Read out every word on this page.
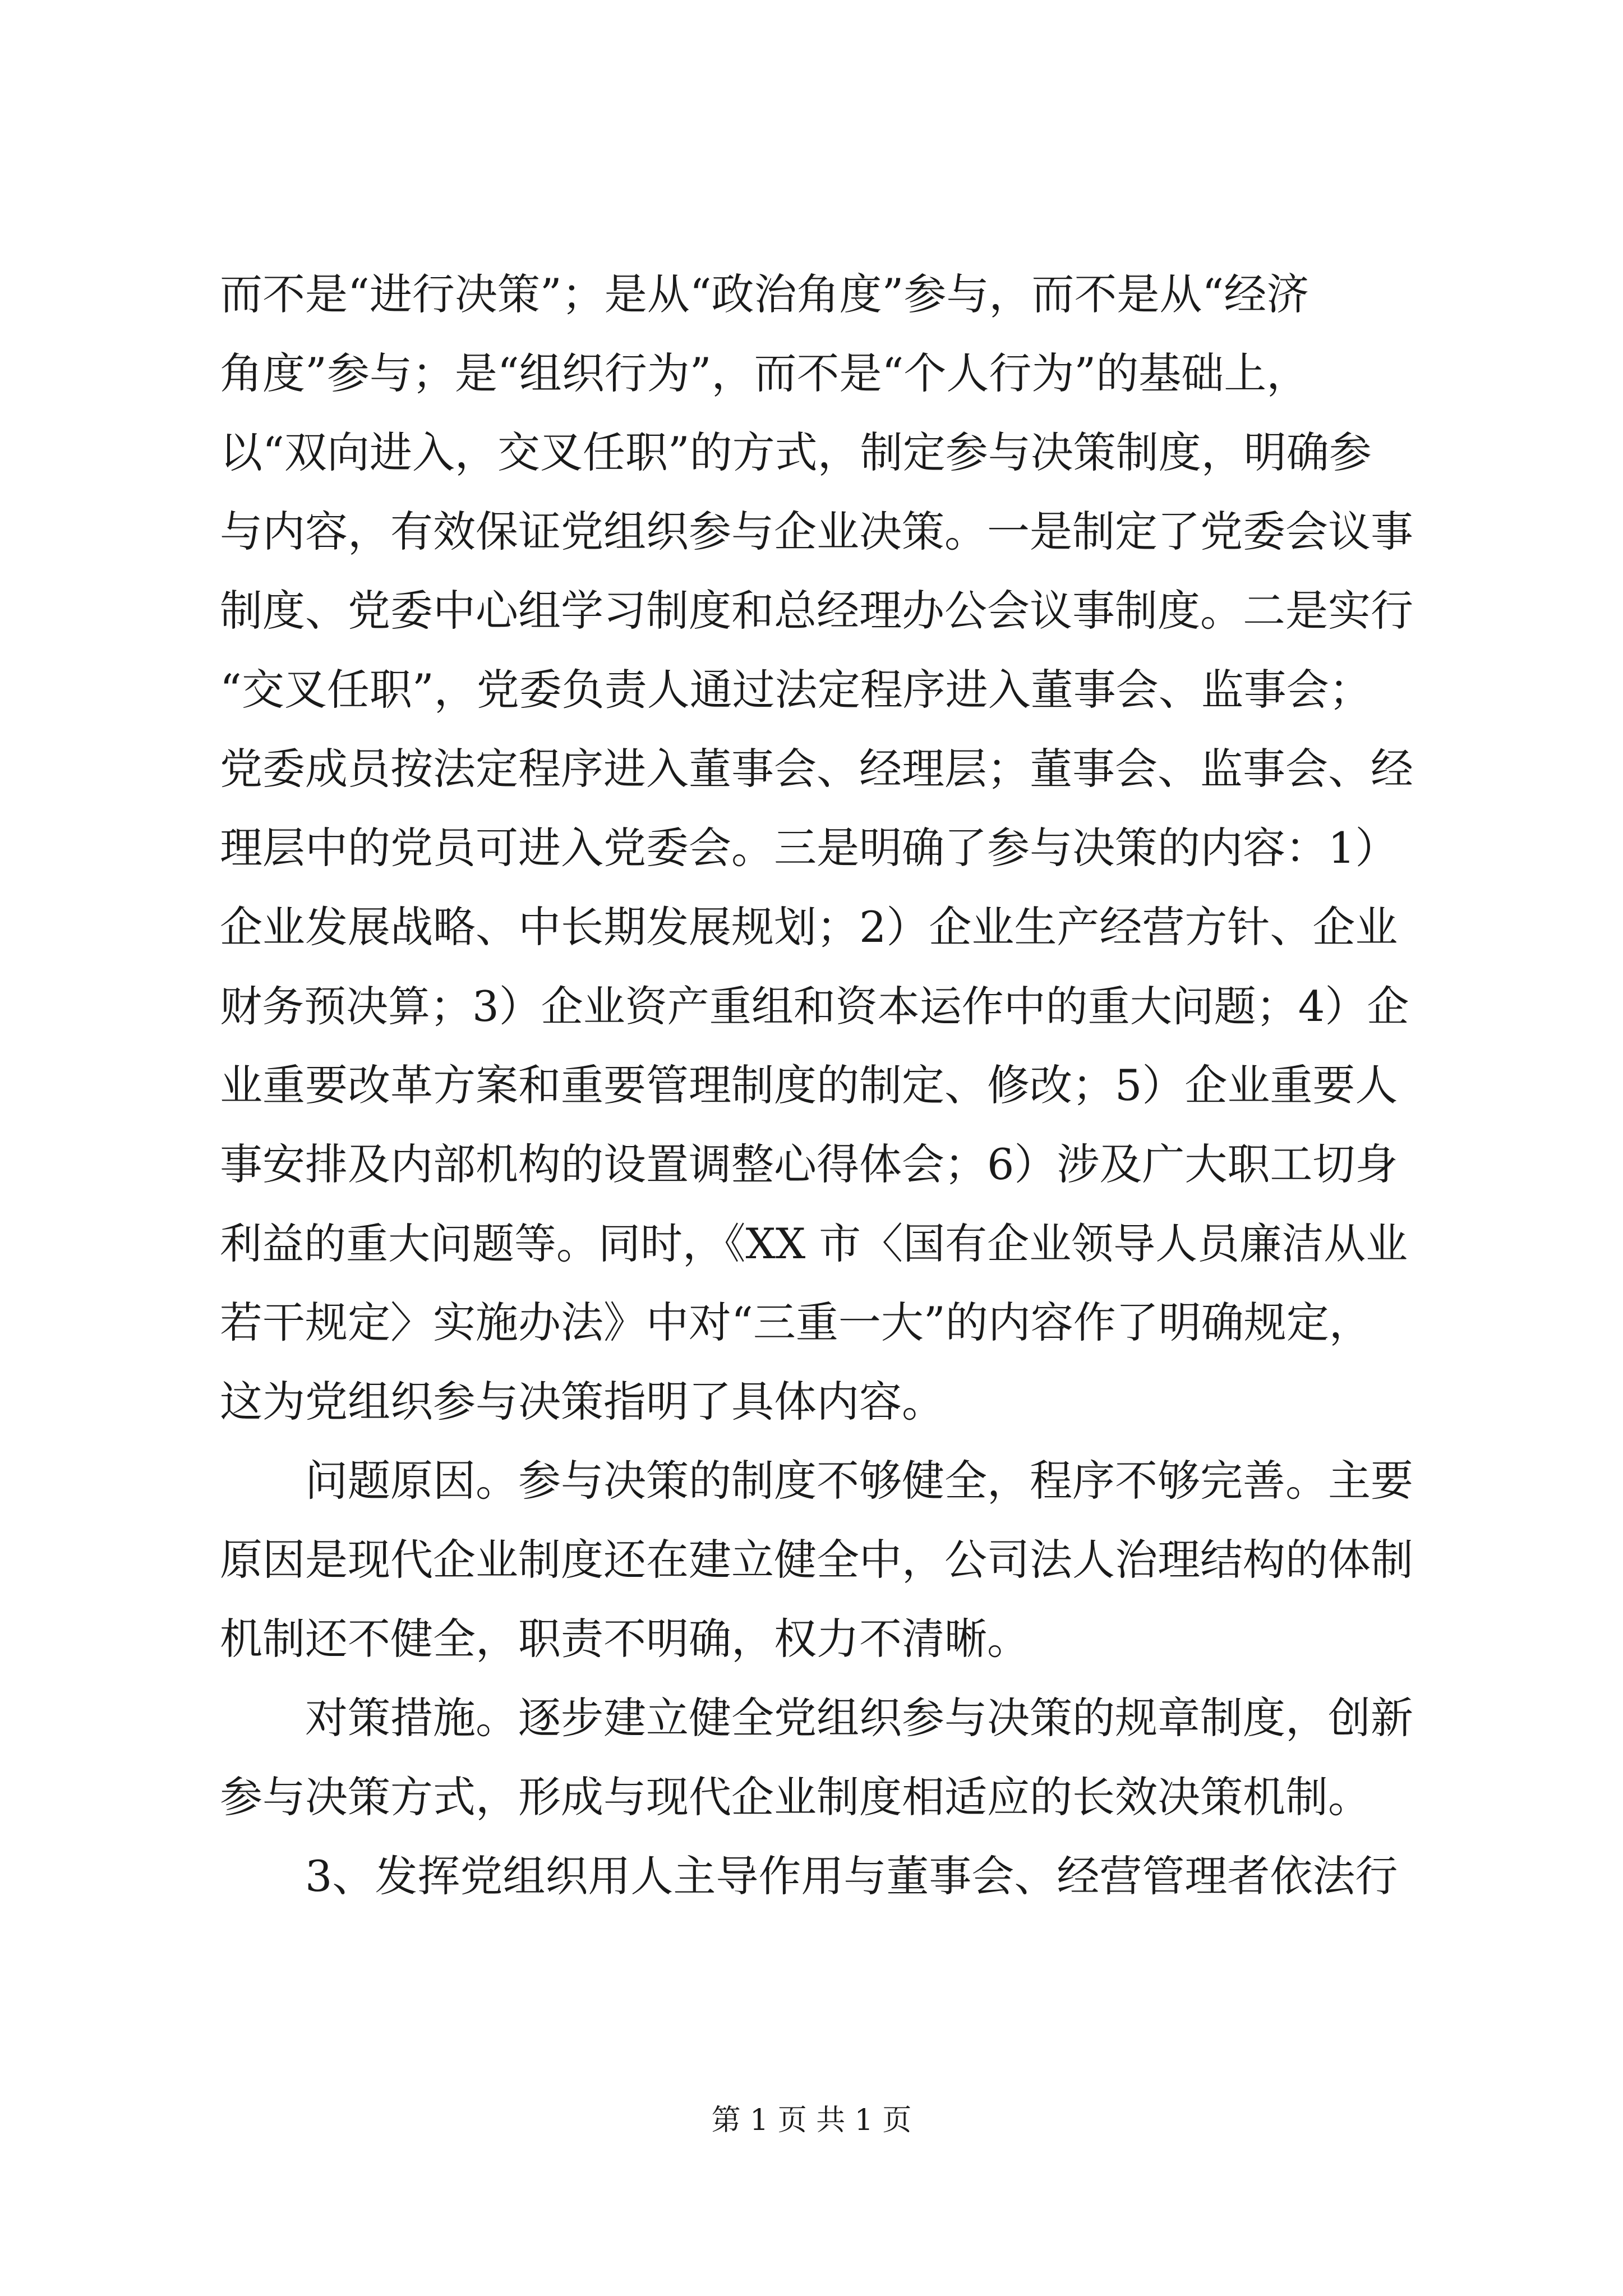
而不是“进行决策”；是从“政治角度”参与，而不是从“经济
角度”参与；是“组织行为”，而不是“个人行为”的基础上，
以“双向进入，交叉任职”的方式，制定参与决策制度，明确参
与内容，有效保证党组织参与企业决策。一是制定了党委会议事
制度、党委中心组学习制度和总经理办公会议事制度。二是实行
“交叉任职”，党委负责人通过法定程序进入董事会、监事会；
党委成员按法定程序进入董事会、经理层；董事会、监事会、经
理层中的党员可进入党委会。三是明确了参与决策的内容：1）
企业发展战略、中长期发展规划；2）企业生产经营方针、企业
财务预决算；3）企业资产重组和资本运作中的重大问题；4）企
业重要改革方案和重要管理制度的制定、修改；5）企业重要人
事安排及内部机构的设置调整心得体会；6）涉及广大职工切身
利益的重大问题等。同时，《XX 市〈国有企业领导人员廉洁从业
若干规定〉实施办法》中对“三重一大”的内容作了明确规定，
这为党组织参与决策指明了具体内容。
问题原因。参与决策的制度不够健全，程序不够完善。主要
原因是现代企业制度还在建立健全中，公司法人治理结构的体制
机制还不健全，职责不明确，权力不清晰。
对策措施。逐步建立健全党组织参与决策的规章制度，创新
参与决策方式，形成与现代企业制度相适应的长效决策机制。
3、发挥党组织用人主导作用与董事会、经营管理者依法行
第 1 页 共 1 页
